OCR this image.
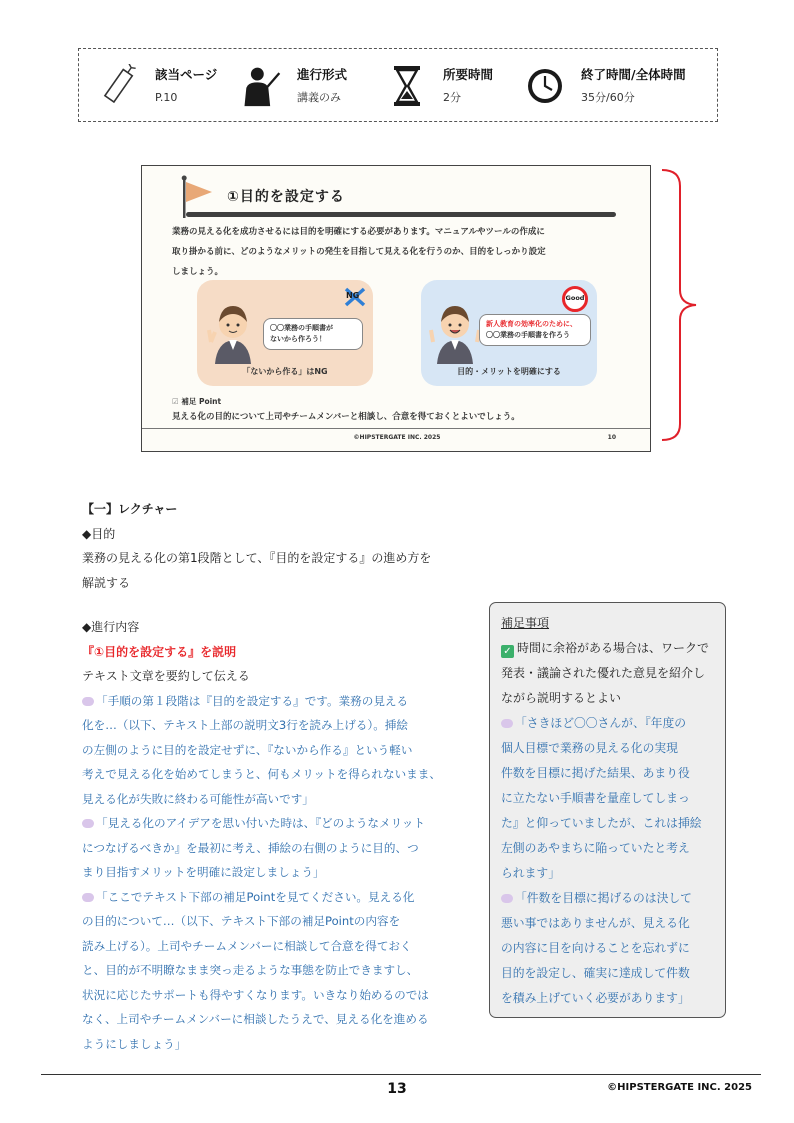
該当ページ
P.10
進行形式
講義のみ
所要時間
2分
終了時間/全体時間
35分/60分
①目的を設定する
業務の見える化を成功させるには目的を明確にする必要があります。マニュアルやツールの作成に
取り掛かる前に、どのようなメリットの発生を目指して見える化を行うのか、目的をしっかり設定
しましょう。
〇〇業務の手順書が
ないから作ろう！
NG
「ないから作る」はNG
新人教育の効率化のために、
〇〇業務の手順書を作ろう
Good
目的・メリットを明確にする
☑ 補足 Point
見える化の目的について上司やチームメンバーと相談し、合意を得ておくとよいでしょう。
©HIPSTERGATE INC. 2025	10
【一】レクチャー
◆目的
業務の見える化の第1段階として、『目的を設定する』の進め方を
解説する
◆進行内容
『①目的を設定する』を説明
テキスト文章を要約して伝える
「手順の第１段階は『目的を設定する』です。業務の見える
化を…（以下、テキスト上部の説明文3行を読み上げる）。挿絵
の左側のように目的を設定せずに、『ないから作る』という軽い
考えで見える化を始めてしまうと、何もメリットを得られないまま、
見える化が失敗に終わる可能性が高いです」
「見える化のアイデアを思い付いた時は、『どのようなメリット
につなげるべきか』を最初に考え、挿絵の右側のように目的、つ
まり目指すメリットを明確に設定しましょう」
「ここでテキスト下部の補足Pointを見てください。見える化
の目的について…（以下、テキスト下部の補足Pointの内容を
読み上げる）。上司やチームメンバーに相談して合意を得ておく
と、目的が不明瞭なまま突っ走るような事態を防止できますし、
状況に応じたサポートも得やすくなります。いきなり始めるのでは
なく、上司やチームメンバーに相談したうえで、見える化を進める
ようにしましょう」
補足事項
✓ 時間に余裕がある場合は、ワークで
発表・議論された優れた意見を紹介し
ながら説明するとよい
「さきほど〇〇さんが、『年度の
個人目標で業務の見える化の実現
件数を目標に掲げた結果、あまり役
に立たない手順書を量産してしまっ
た』と仰っていましたが、これは挿絵
左側のあやまちに陥っていたと考え
られます」
「件数を目標に掲げるのは決して
悪い事ではありませんが、見える化
の内容に目を向けることを忘れずに
目的を設定し、確実に達成して件数
を積み上げていく必要があります」
13	©HIPSTERGATE INC. 2025
